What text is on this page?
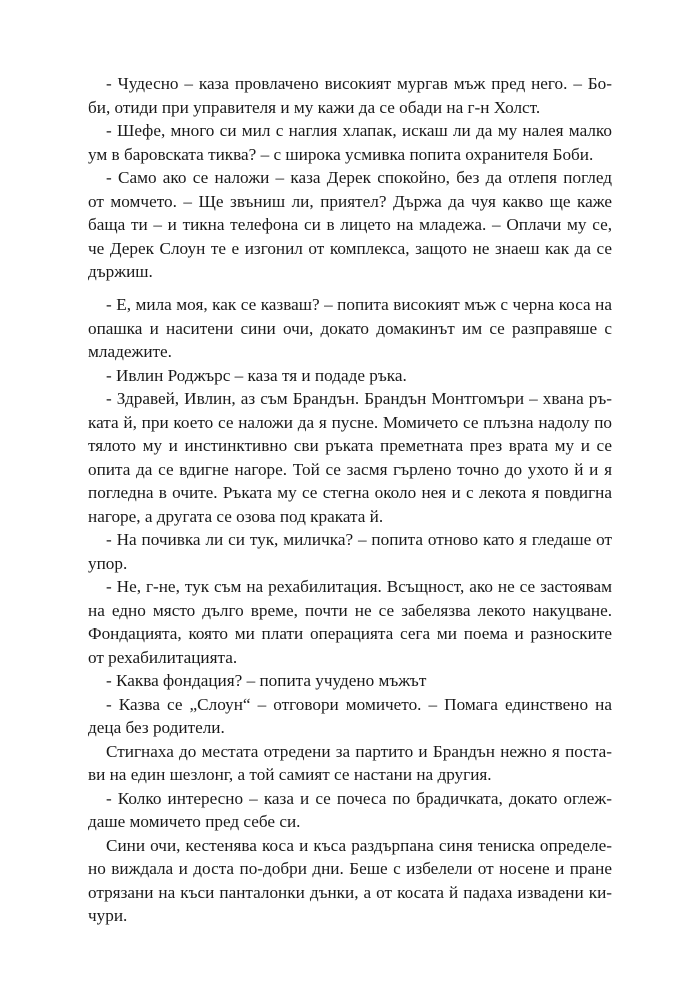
- Чудесно – каза провлачено високият мургав мъж пред него. – Бо-
би, отиди при управителя и му кажи да се обади на г-н Холст.
- Шефе, много си мил с наглия хлапак, искаш ли да му налея малко
ум в баровската тиква? – с широка усмивка попита охранителя Боби.
- Само ако се наложи – каза Дерек спокойно, без да отлепя поглед
от момчето. – Ще звъниш ли, приятел? Държа да чуя какво ще каже
баща ти – и тикна телефона си в лицето на младежа. – Оплачи му се,
че Дерек Слоун те е изгонил от комплекса, защото не знаеш как да се
държиш.
- Е, мила моя, как се казваш? – попита високият мъж с черна коса на
опашка и наситени сини очи, докато домакинът им се разправяше с
младежите.
- Ивлин Роджърс – каза тя и подаде ръка.
- Здравей, Ивлин, аз съм Брандън. Брандън Монтгомъри – хвана ръ-
ката й, при което се наложи да я пусне. Момичето се плъзна надолу по
тялото му и инстинктивно сви ръката преметната през врата му и се
опита да се вдигне нагоре. Той се засмя гърлено точно до ухото й и я
погледна в очите. Ръката му се стегна около нея и с лекота я повдигна
нагоре, а другата се озова под краката й.
- На почивка ли си тук, миличка? – попита отново като я гледаше от
упор.
- Не, г-не, тук съм на рехабилитация. Всъщност, ако не се застоявам
на едно място дълго време, почти не се забелязва лекото накуцване.
Фондацията, която ми плати операцията сега ми поема и разноските
от рехабилитацията.
- Каква фондация? – попита учудено мъжът
- Казва се „Слоун“ – отговори момичето. – Помага единствено на
деца без родители.
Стигнаха до местата отредени за партито и Брандън нежно я поста-
ви на един шезлонг, а той самият се настани на другия.
- Колко интересно – каза и се почеса по брадичката, докато оглеж-
даше момичето пред себе си.
Сини очи, кестенява коса и къса раздърпана синя тениска определе-
но виждала и доста по-добри дни. Беше с избелели от носене и пране
отрязани на къси панталонки дънки, а от косата й падаха извадени ки-
чури.
